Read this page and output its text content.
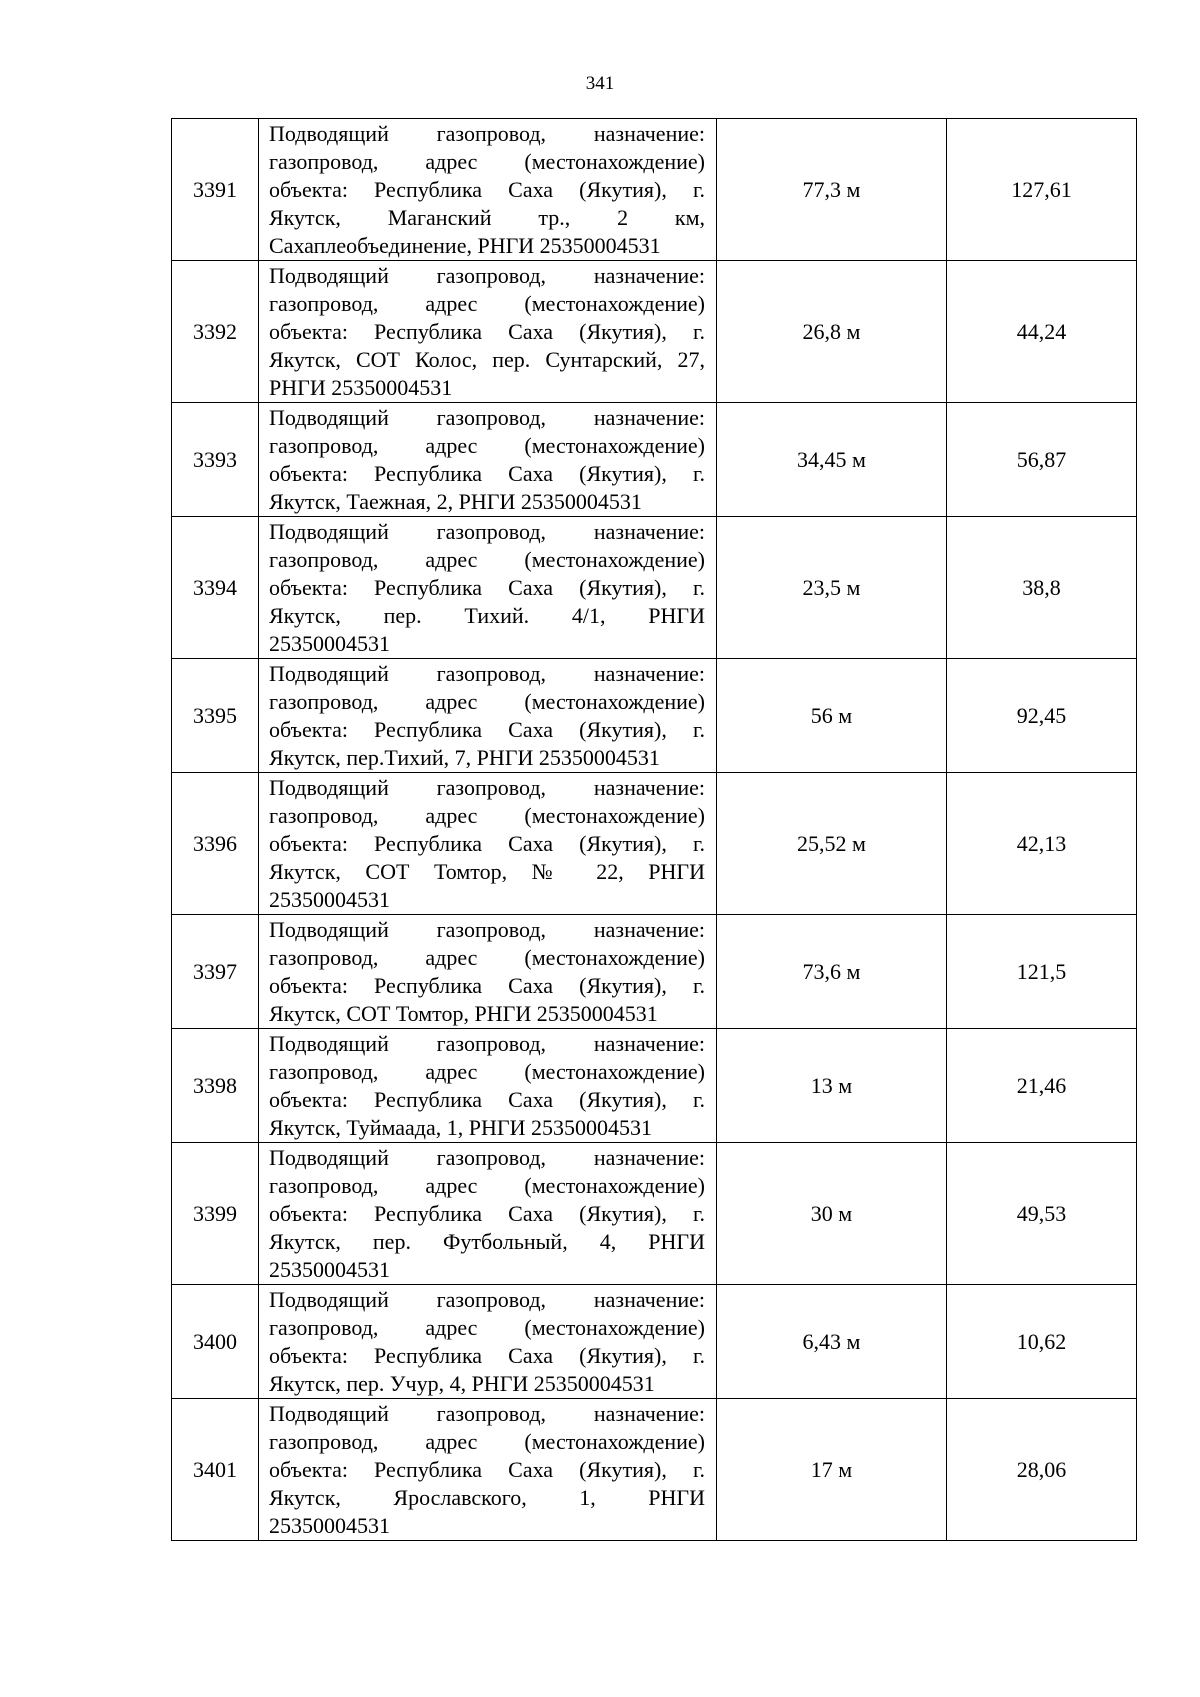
341
3391	Подводящий газопровод, назначение:
газопровод, адрес (местонахождение)
объекта: Республика Саха (Якутия), г.
Якутск, Маганский тр., 2 км,
Сахаплеобъединение, РНГИ 25350004531	77,3 м	127,61
3392	Подводящий газопровод, назначение:
газопровод, адрес (местонахождение)
объекта: Республика Саха (Якутия), г.
Якутск, СОТ Колос, пер. Сунтарский, 27,
РНГИ 25350004531	26,8 м	44,24
3393	Подводящий газопровод, назначение:
газопровод, адрес (местонахождение)
объекта: Республика Саха (Якутия), г.
Якутск, Таежная, 2, РНГИ 25350004531	34,45 м	56,87
3394	Подводящий газопровод, назначение:
газопровод, адрес (местонахождение)
объекта: Республика Саха (Якутия), г.
Якутск, пер. Тихий. 4/1, РНГИ
25350004531	23,5 м	38,8
3395	Подводящий газопровод, назначение:
газопровод, адрес (местонахождение)
объекта: Республика Саха (Якутия), г.
Якутск, пер.Тихий, 7, РНГИ 25350004531	56 м	92,45
3396	Подводящий газопровод, назначение:
газопровод, адрес (местонахождение)
объекта: Республика Саха (Якутия), г.
Якутск, СОТ Томтор, № 22, РНГИ
25350004531	25,52 м	42,13
3397	Подводящий газопровод, назначение:
газопровод, адрес (местонахождение)
объекта: Республика Саха (Якутия), г.
Якутск, СОТ Томтор, РНГИ 25350004531	73,6 м	121,5
3398	Подводящий газопровод, назначение:
газопровод, адрес (местонахождение)
объекта: Республика Саха (Якутия), г.
Якутск, Туймаада, 1, РНГИ 25350004531	13 м	21,46
3399	Подводящий газопровод, назначение:
газопровод, адрес (местонахождение)
объекта: Республика Саха (Якутия), г.
Якутск, пер. Футбольный, 4, РНГИ
25350004531	30 м	49,53
3400	Подводящий газопровод, назначение:
газопровод, адрес (местонахождение)
объекта: Республика Саха (Якутия), г.
Якутск, пер. Учур, 4, РНГИ 25350004531	6,43 м	10,62
3401	Подводящий газопровод, назначение:
газопровод, адрес (местонахождение)
объекта: Республика Саха (Якутия), г.
Якутск, Ярославского, 1, РНГИ
25350004531	17 м	28,06
